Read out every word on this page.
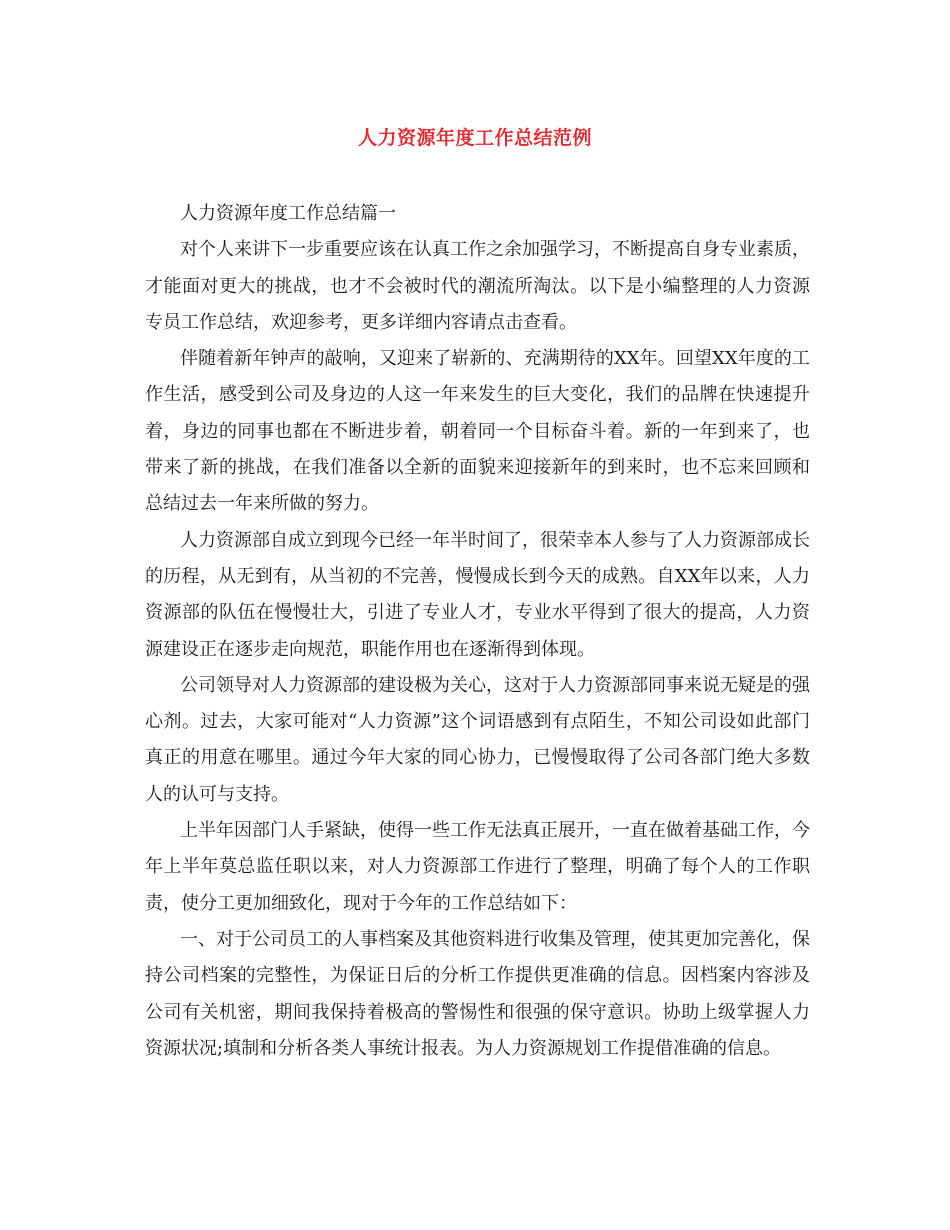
人力资源年度工作总结范例

人力资源年度工作总结篇一

对个人来讲下一步重要应该在认真工作之余加强学习，不断提高自身专业素质，才能面对更大的挑战，也才不会被时代的潮流所淘汰。以下是小编整理的人力资源专员工作总结，欢迎参考，更多详细内容请点击查看。

伴随着新年钟声的敲响，又迎来了崭新的、充满期待的XX年。回望XX年度的工作生活，感受到公司及身边的人这一年来发生的巨大变化，我们的品牌在快速提升着，身边的同事也都在不断进步着，朝着同一个目标奋斗着。新的一年到来了，也带来了新的挑战，在我们准备以全新的面貌来迎接新年的到来时，也不忘来回顾和总结过去一年来所做的努力。

人力资源部自成立到现今已经一年半时间了，很荣幸本人参与了人力资源部成长的历程，从无到有，从当初的不完善，慢慢成长到今天的成熟。自XX年以来，人力资源部的队伍在慢慢壮大，引进了专业人才，专业水平得到了很大的提高，人力资源建设正在逐步走向规范，职能作用也在逐渐得到体现。

公司领导对人力资源部的建设极为关心，这对于人力资源部同事来说无疑是的强心剂。过去，大家可能对“人力资源”这个词语感到有点陌生，不知公司设如此部门真正的用意在哪里。通过今年大家的同心协力，已慢慢取得了公司各部门绝大多数人的认可与支持。

上半年因部门人手紧缺，使得一些工作无法真正展开，一直在做着基础工作，今年上半年莫总监任职以来，对人力资源部工作进行了整理，明确了每个人的工作职责，使分工更加细致化，现对于今年的工作总结如下：

一、对于公司员工的人事档案及其他资料进行收集及管理，使其更加完善化，保持公司档案的完整性，为保证日后的分析工作提供更准确的信息。因档案内容涉及公司有关机密，期间我保持着极高的警惕性和很强的保守意识。协助上级掌握人力资源状况;填制和分析各类人事统计报表。为人力资源规划工作提借准确的信息。
